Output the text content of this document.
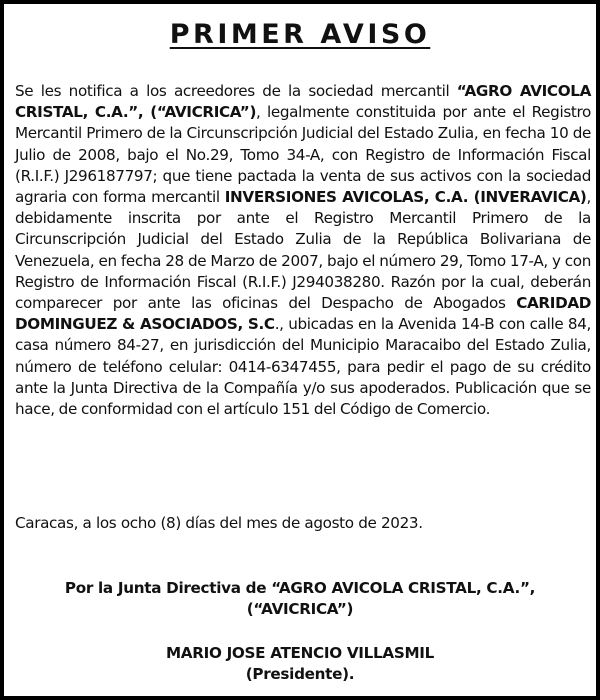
PRIMER AVISO
Se les notifica a los acreedores de la sociedad mercantil “AGRO AVICOLA CRISTAL, C.A.”, (“AVICRICA”), legalmente constituida por ante el Registro Mercantil Primero de la Circunscripción Judicial del Estado Zulia, en fecha 10 de Julio de 2008, bajo el No.29, Tomo 34-A, con Registro de Información Fiscal (R.I.F.) J296187797; que tiene pactada la venta de sus activos con la sociedad agraria con forma mercantil INVERSIONES AVICOLAS, C.A. (INVERAVICA), debidamente inscrita por ante el Registro Mercantil Primero de la Circunscripción Judicial del Estado Zulia de la República Bolivariana de Venezuela, en fecha 28 de Marzo de 2007, bajo el número 29, Tomo 17-A, y con Registro de Información Fiscal (R.I.F.) J294038280. Razón por la cual, deberán comparecer por ante las oficinas del Despacho de Abogados CARIDAD DOMINGUEZ & ASOCIADOS, S.C., ubicadas en la Avenida 14-B con calle 84, casa número 84-27, en jurisdicción del Municipio Maracaibo del Estado Zulia, número de teléfono celular: 0414-6347455, para pedir el pago de su crédito ante la Junta Directiva de la Compañía y/o sus apoderados. Publicación que se hace, de conformidad con el artículo 151 del Código de Comercio.
Caracas, a los ocho (8) días del mes de agosto de 2023.
Por la Junta Directiva de “AGRO AVICOLA CRISTAL, C.A.”,
(“AVICRICA”)
MARIO JOSE ATENCIO VILLASMIL
(Presidente).
